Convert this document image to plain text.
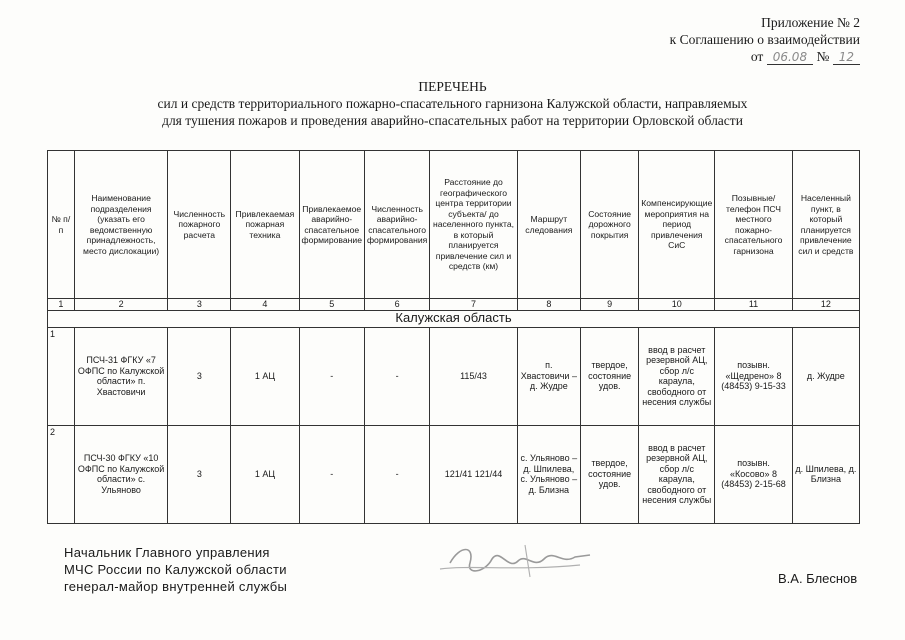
Приложение № 2
к Соглашению о взаимодействии
от 06.08 № 12
ПЕРЕЧЕНЬ
сил и средств территориального пожарно-спасательного гарнизона Калужской области, направляемых
для тушения пожаров и проведения аварийно-спасательных работ на территории Орловской области
№ п/п	Наименование подразделения (указать его ведомственную принадлежность, место дислокации)	Численность пожарного расчета	Привлекаемая пожарная техника	Привлекаемое аварийно-спасательное формирование	Численность аварийно-спасательного формирования	Расстояние до географического центра территории субъекта/ до населенного пункта, в который планируется привлечение сил и средств (км)	Маршрут следования	Состояние дорожного покрытия	Компенсирующие мероприятия на период привлечения СиС	Позывные/ телефон ПСЧ местного пожарно-спасательного гарнизона	Населенный пункт, в который планируется привлечение сил и средств
1	2	3	4	5	6	7	8	9	10	11	12
Калужская область											
1	ПСЧ-31 ФГКУ «7 ОФПС по Калужской области» п. Хвастовичи	3	1 АЦ	-	-	115/43	п. Хвастовичи – д. Жудре	твердое, состояние удов.	ввод в расчет резервной АЦ, сбор л/с караула, свободного от несения службы	позывн. «Щедрено» 8 (48453) 9-15-33	д. Жудре
2	ПСЧ-30 ФГКУ «10 ОФПС по Калужской области» с. Ульяново	3	1 АЦ	-	-	121/41 121/44	с. Ульяново – д. Шпилева, с. Ульяново – д. Близна	твердое, состояние удов.	ввод в расчет резервной АЦ, сбор л/с караула, свободного от несения службы	позывн. «Косово» 8 (48453) 2-15-68	д. Шпилева, д. Близна
Начальник Главного управления
МЧС России по Калужской области
генерал-майор внутренней службы
В.А. Блеснов
